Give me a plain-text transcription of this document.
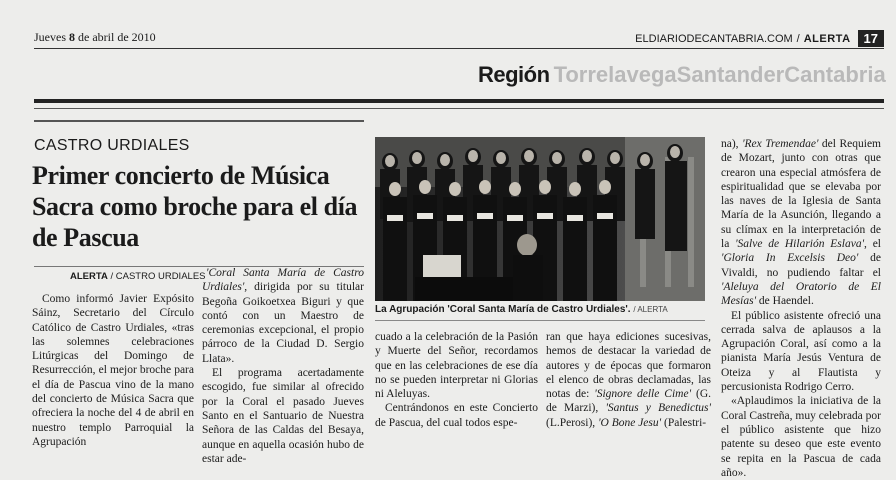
Jueves 8 de abril de 2010	ELDIARIODECANTABRIA.COM / ALERTA	17
Región TorrelavegaSantanderCantabria
CASTRO URDIALES
Primer concierto de Música Sacra como broche para el día de Pascua
ALERTA / CASTRO URDIALES

Como informó Javier Expósito Sáinz, Secretario del Círculo Católico de Castro Urdiales, «tras las solemnes celebraciones Litúrgicas del Domingo de Resurrección, el mejor broche para el día de Pascua vino de la mano del concierto de Música Sacra que ofreciera la noche del 4 de abril en nuestro templo Parroquial la Agrupación

'Coral Santa María de Castro Urdiales', dirigida por su titular Begoña Goikoetxea Biguri y que contó con un Maestro de ceremonias excepcional, el propio párroco de la Ciudad D. Sergio Llata».

El programa acertadamente escogido, fue similar al ofrecido por la Coral el pasado Jueves Santo en el Santuario de Nuestra Señora de las Caldas del Besaya, aunque en aquella ocasión hubo de estar ade-

La Agrupación 'Coral Santa María de Castro Urdiales'. / ALERTA

cuado a la celebración de la Pasión y Muerte del Señor, recordamos que en las celebraciones de ese día no se pueden interpretar ni Glorias ni Aleluyas.

Centrándonos en este Concierto de Pascua, del cual todos espe-

ran que haya ediciones sucesivas, hemos de destacar la variedad de autores y de épocas que formaron el elenco de obras declamadas, las notas de: 'Signore delle Cime' (G. de Marzi), 'Santus y Benedictus' (L.Perosi), 'O Bone Jesu' (Palestri-

na), 'Rex Tremendae' del Requiem de Mozart, junto con otras que crearon una especial atmósfera de espiritualidad que se elevaba por las naves de la Iglesia de Santa María de la Asunción, llegando a su clímax en la interpretación de la 'Salve de Hilarión Eslava', el 'Gloria In Excelsis Deo' de Vivaldi, no pudiendo faltar el 'Aleluya del Oratorio de El Mesías' de Haendel.

El público asistente ofreció una cerrada salva de aplausos a la Agrupación Coral, así como a la pianista María Jesús Ventura de Otеiza y al Flautista y percusionista Rodrigo Cerro.

«Aplaudimos la iniciativa de la Coral Castreña, muy celebrada por el público asistente que hizo patente su deseo que este evento se repita en la Pascua de cada año».
